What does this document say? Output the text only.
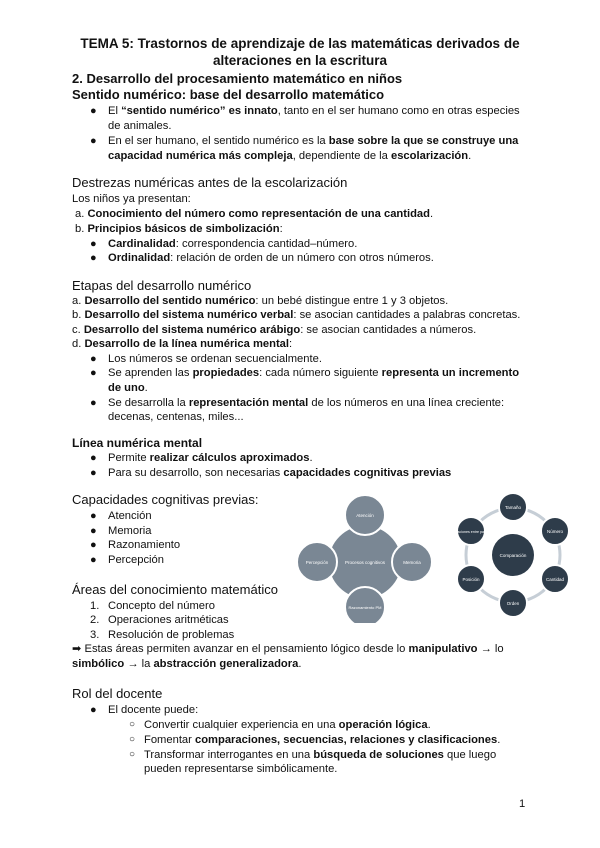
TEMA 5: Trastornos de aprendizaje de las matemáticas derivados de
alteraciones en la escritura
2. Desarrollo del procesamiento matemático en niños
Sentido numérico: base del desarrollo matemático
● El “sentido numérico” es innato, tanto en el ser humano como en otras especies
de animales.
● En el ser humano, el sentido numérico es la base sobre la que se construye una
capacidad numérica más compleja, dependiente de la escolarización.
Destrezas numéricas antes de la escolarización
Los niños ya presentan:
a. Conocimiento del número como representación de una cantidad.
b. Principios básicos de simbolización:
● Cardinalidad: correspondencia cantidad–número.
● Ordinalidad: relación de orden de un número con otros números.
Etapas del desarrollo numérico
a. Desarrollo del sentido numérico: un bebé distingue entre 1 y 3 objetos.
b. Desarrollo del sistema numérico verbal: se asocian cantidades a palabras concretas.
c. Desarrollo del sistema numérico arábigo: se asocian cantidades a números.
d. Desarrollo de la línea numérica mental:
● Los números se ordenan secuencialmente.
● Se aprenden las propiedades: cada número siguiente representa un incremento
de uno.
● Se desarrolla la representación mental de los números en una línea creciente:
decenas, centenas, miles...
Línea numérica mental
● Permite realizar cálculos aproximados.
● Para su desarrollo, son necesarias capacidades cognitivas previas
Capacidades cognitivas previas:
● Atención
● Memoria
● Razonamiento
● Percepción
Áreas del conocimiento matemático
1. Concepto del número
2. Operaciones aritméticas
3. Resolución de problemas
➡ Estas áreas permiten avanzar en el pensamiento lógico desde lo manipulativo → lo
simbólico → la abstracción generalizadora.
Rol del docente
● El docente puede:
○ Convertir cualquier experiencia en una operación lógica.
○ Fomentar comparaciones, secuencias, relaciones y clasificaciones.
○ Transformar interrogantes en una búsqueda de soluciones que luego
pueden representarse simbólicamente.
1
Procesos cognitivos
Atención
Memoria
Razonamiento PM
Percepción
Comparación
Tamaño
Número
Cantidad
Orden
Posición
Relaciones entre partes
